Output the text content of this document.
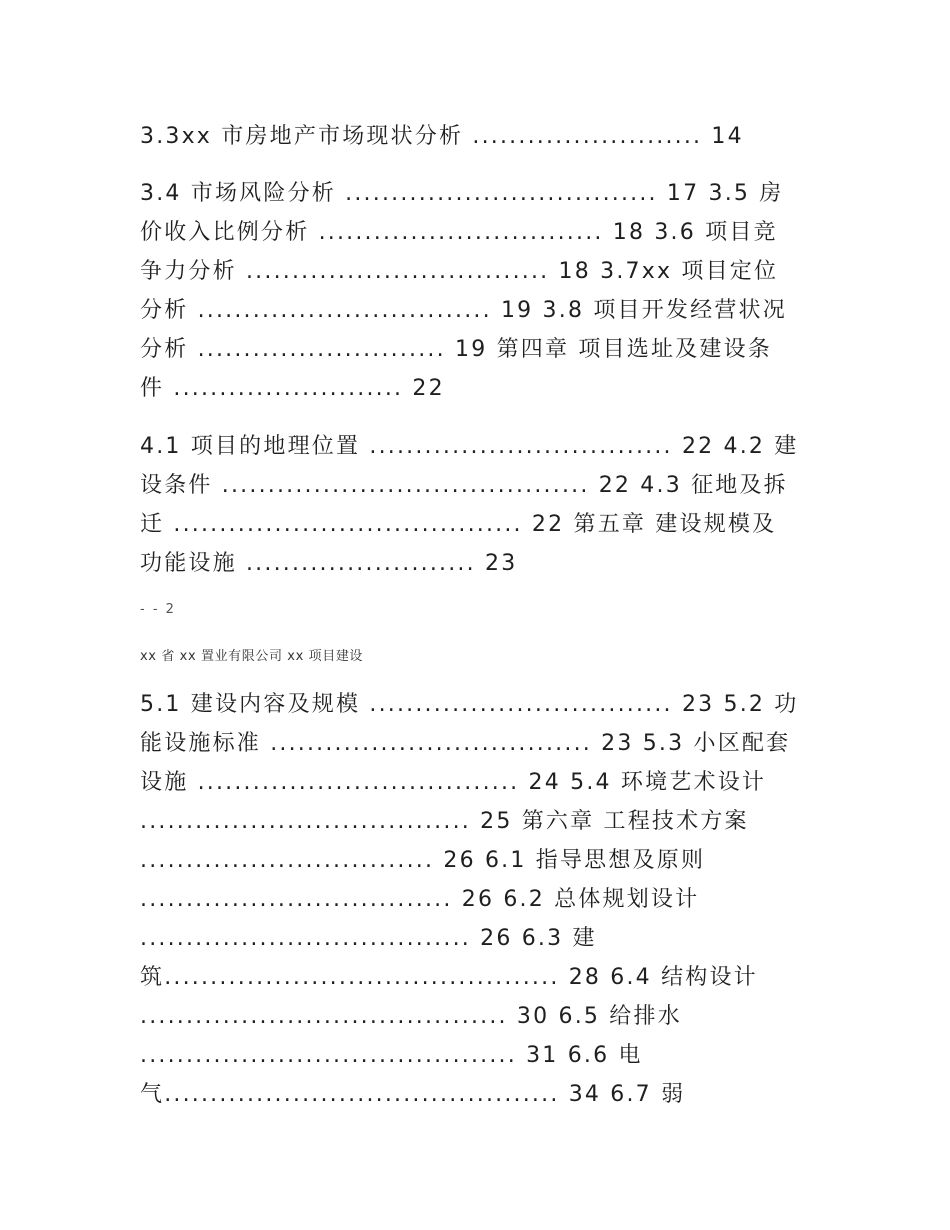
3.3xx 市房地产市场现状分析 ......................... 14
3.4 市场风险分析 .................................. 17 3.5 房
价收入比例分析 ............................... 18 3.6 项目竞
争力分析 ................................. 18 3.7xx 项目定位
分析 ................................ 19 3.8 项目开发经营状况
分析 ........................... 19 第四章 项目选址及建设条
件 ......................... 22
4.1 项目的地理位置 ................................. 22 4.2 建
设条件 ........................................ 22 4.3 征地及拆
迁 ...................................... 22 第五章 建设规模及
功能设施 ......................... 23
- - 2
xx 省 xx 置业有限公司 xx 项目建设
5.1 建设内容及规模 ................................. 23 5.2 功
能设施标准 ................................... 23 5.3 小区配套
设施 ................................... 24 5.4 环境艺术设计
.................................... 25 第六章 工程技术方案
................................ 26 6.1 指导思想及原则
.................................. 26 6.2 总体规划设计
.................................... 26 6.3 建
筑........................................... 28 6.4 结构设计
........................................ 30 6.5 给排水
......................................... 31 6.6 电
气........................................... 34 6.7 弱
